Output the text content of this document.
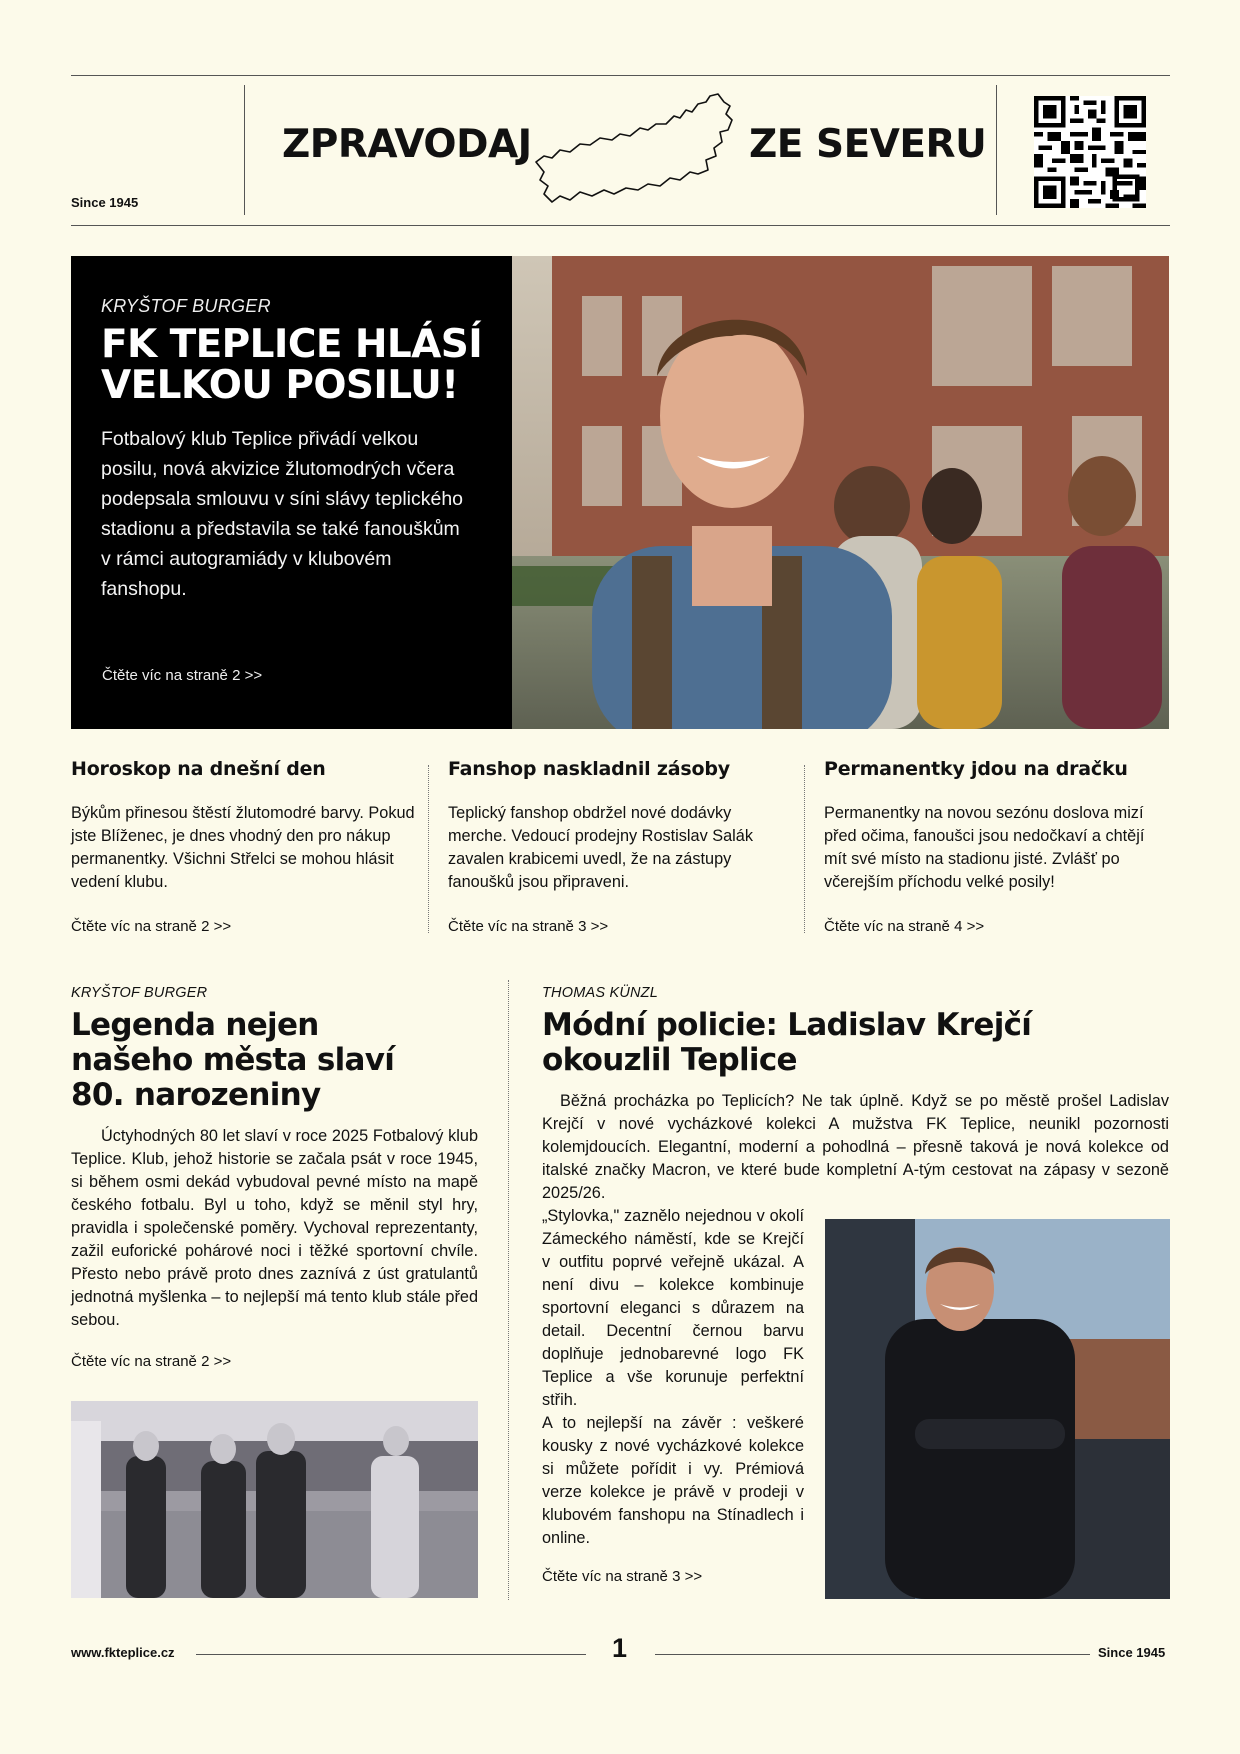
Since 1945
ZPRAVODAJ	ZE SEVERU
KRYŠTOF BURGER
FK TEPLICE HLÁSÍ VELKOU POSILU!
Fotbalový klub Teplice přivádí velkou posilu, nová akvizice žlutomodrých včera podepsala smlouvu v síni slávy teplického stadionu a představila se také fanouškům v rámci autogramiády v klubovém fanshopu.
Čtěte víc na straně 2 >>
Horoskop na dnešní den

Býkům přinesou štěstí žlutomodré barvy. Pokud jste Blíženec, je dnes vhodný den pro nákup permanentky. Všichni Střelci se mohou hlásit vedení klubu.

Čtěte víc na straně 2 >>
Fanshop naskladnil zásoby

Teplický fanshop obdržel nové dodávky merche. Vedoucí prodejny Rostislav Salák zavalen krabicemi uvedl, že na zástupy fanoušků jsou připraveni.

Čtěte víc na straně 3 >>
Permanentky jdou na dračku

Permanentky na novou sezónu doslova mizí před očima, fanoušci jsou nedočkaví a chtějí mít své místo na stadionu jisté. Zvlášť po včerejším příchodu velké posily!

Čtěte víc na straně 4 >>
KRYŠTOF BURGER
Legenda nejen našeho města slaví 80. narozeniny
Úctyhodných 80 let slaví v roce 2025 Fotbalový klub Teplice. Klub, jehož historie se začala psát v roce 1945, si během osmi dekád vybudoval pevné místo na mapě českého fotbalu. Byl u toho, když se měnil styl hry, pravidla i společenské poměry. Vychoval reprezentanty, zažil euforické pohárové noci i těžké sportovní chvíle. Přesto nebo právě proto dnes zaznívá z úst gratulantů jednotná myšlenka – to nejlepší má tento klub stále před sebou.
Čtěte víc na straně 2 >>
THOMAS KÜNZL
Módní policie: Ladislav Krejčí okouzlil Teplice
Běžná procházka po Teplicích? Ne tak úplně. Když se po městě prošel Ladislav Krejčí v nové vycházkové kolekci A mužstva FK Teplice, neunikl pozornosti kolemjdoucích. Elegantní, moderní a pohodlná – přesně taková je nová kolekce od italské značky Macron, ve které bude kompletní A-tým cestovat na zápasy v sezoně 2025/26.
„Stylovka," zaznělo nejednou v okolí Zámeckého náměstí, kde se Krejčí v outfitu poprvé veřejně ukázal. A není divu – kolekce kombinuje sportovní eleganci s důrazem na detail. Decentní černou barvu doplňuje jednobarevné logo FK Teplice a vše korunuje perfektní střih.
A to nejlepší na závěr : veškeré kousky z nové vycházkové kolekce si můžete pořídit i vy. Prémiová verze kolekce je právě v prodeji v klubovém fanshopu na Stínadlech i online.
Čtěte víc na straně 3 >>
www.fkteplice.cz	1	Since 1945
